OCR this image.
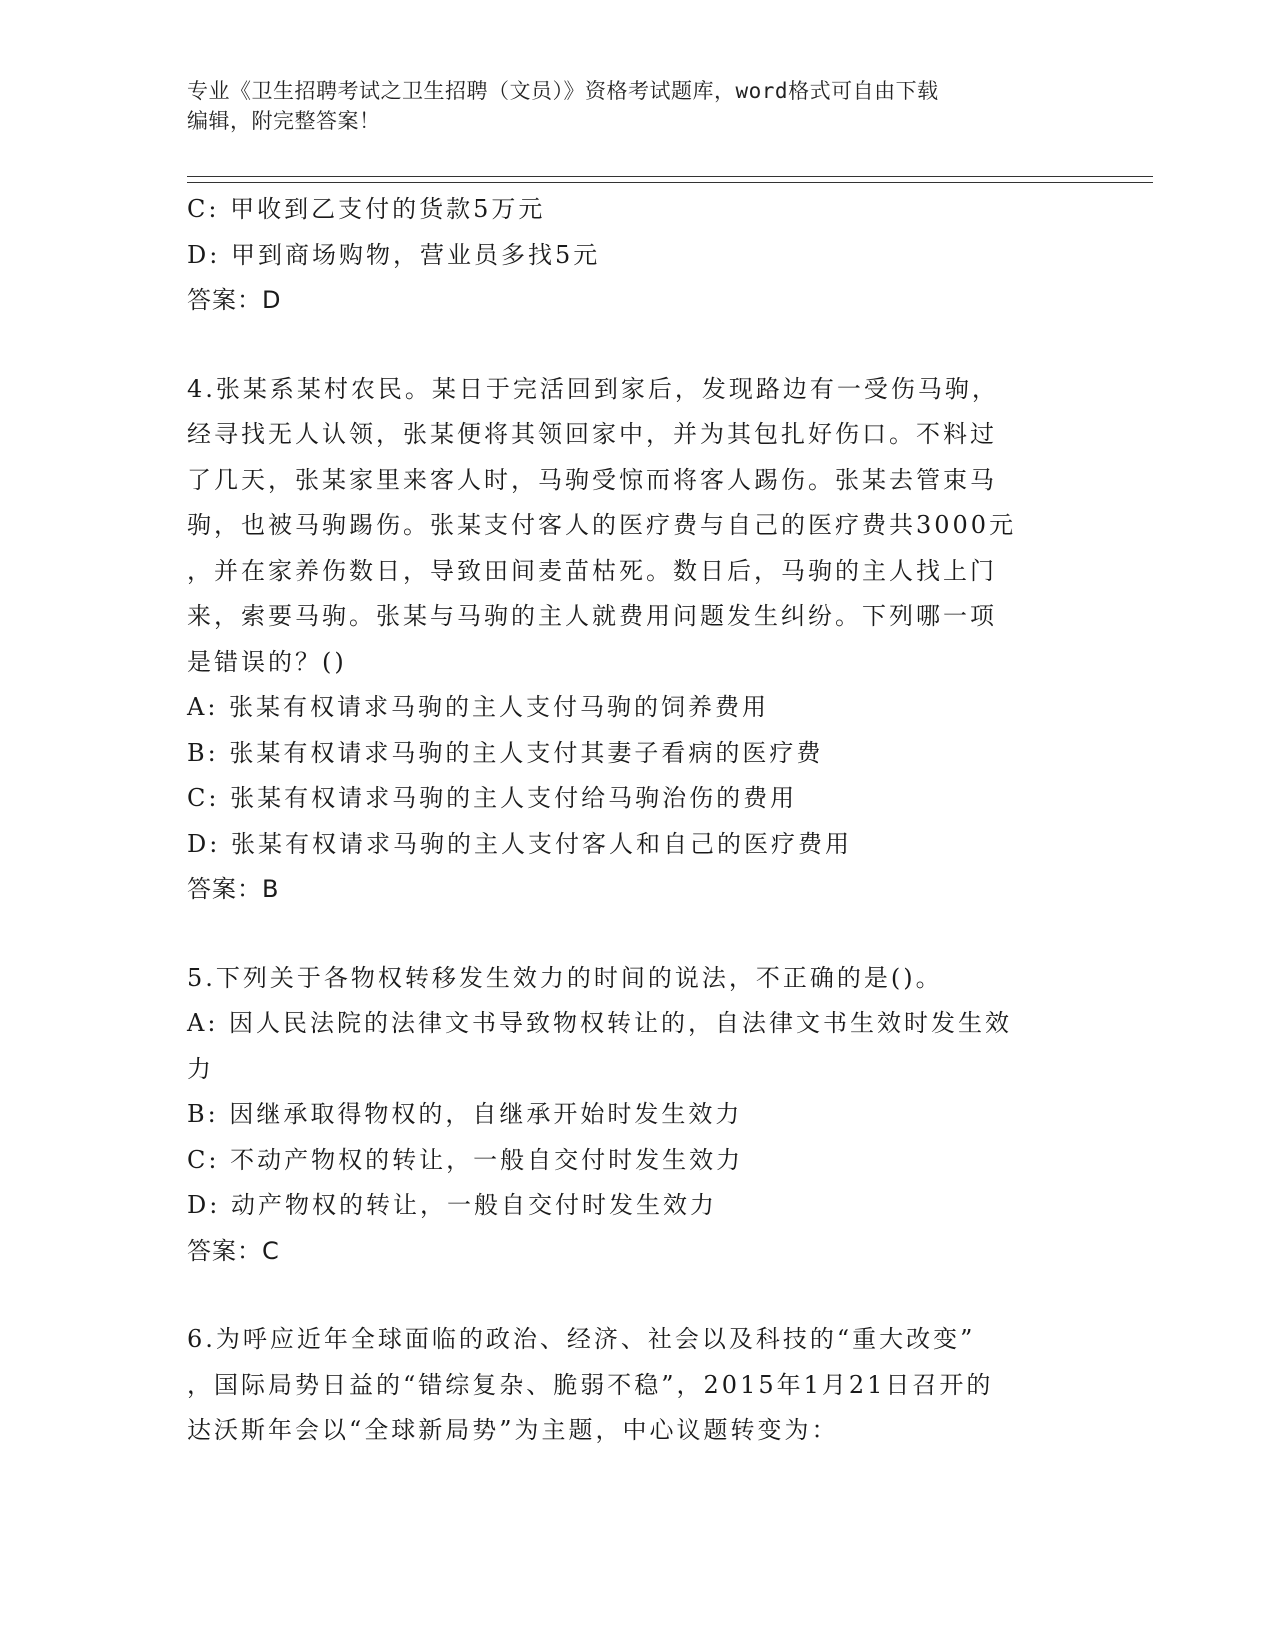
专业《卫生招聘考试之卫生招聘（文员）》资格考试题库，word格式可自由下载
编辑，附完整答案！
C: 甲收到乙支付的货款5万元
D: 甲到商场购物，营业员多找5元
答案：D
4.张某系某村农民。某日于完活回到家后，发现路边有一受伤马驹，
经寻找无人认领，张某便将其领回家中，并为其包扎好伤口。不料过
了几天，张某家里来客人时，马驹受惊而将客人踢伤。张某去管束马
驹，也被马驹踢伤。张某支付客人的医疗费与自己的医疗费共3000元
，并在家养伤数日，导致田间麦苗枯死。数日后，马驹的主人找上门
来，索要马驹。张某与马驹的主人就费用问题发生纠纷。下列哪一项
是错误的？()
A: 张某有权请求马驹的主人支付马驹的饲养费用
B: 张某有权请求马驹的主人支付其妻子看病的医疗费
C: 张某有权请求马驹的主人支付给马驹治伤的费用
D: 张某有权请求马驹的主人支付客人和自己的医疗费用
答案：B
5.下列关于各物权转移发生效力的时间的说法，不正确的是()。
A: 因人民法院的法律文书导致物权转让的，自法律文书生效时发生效
力
B: 因继承取得物权的，自继承开始时发生效力
C: 不动产物权的转让，一般自交付时发生效力
D: 动产物权的转让，一般自交付时发生效力
答案：C
6.为呼应近年全球面临的政治、经济、社会以及科技的“重大改变”
，国际局势日益的“错综复杂、脆弱不稳”，2015年1月21日召开的
达沃斯年会以“全球新局势”为主题，中心议题转变为：
